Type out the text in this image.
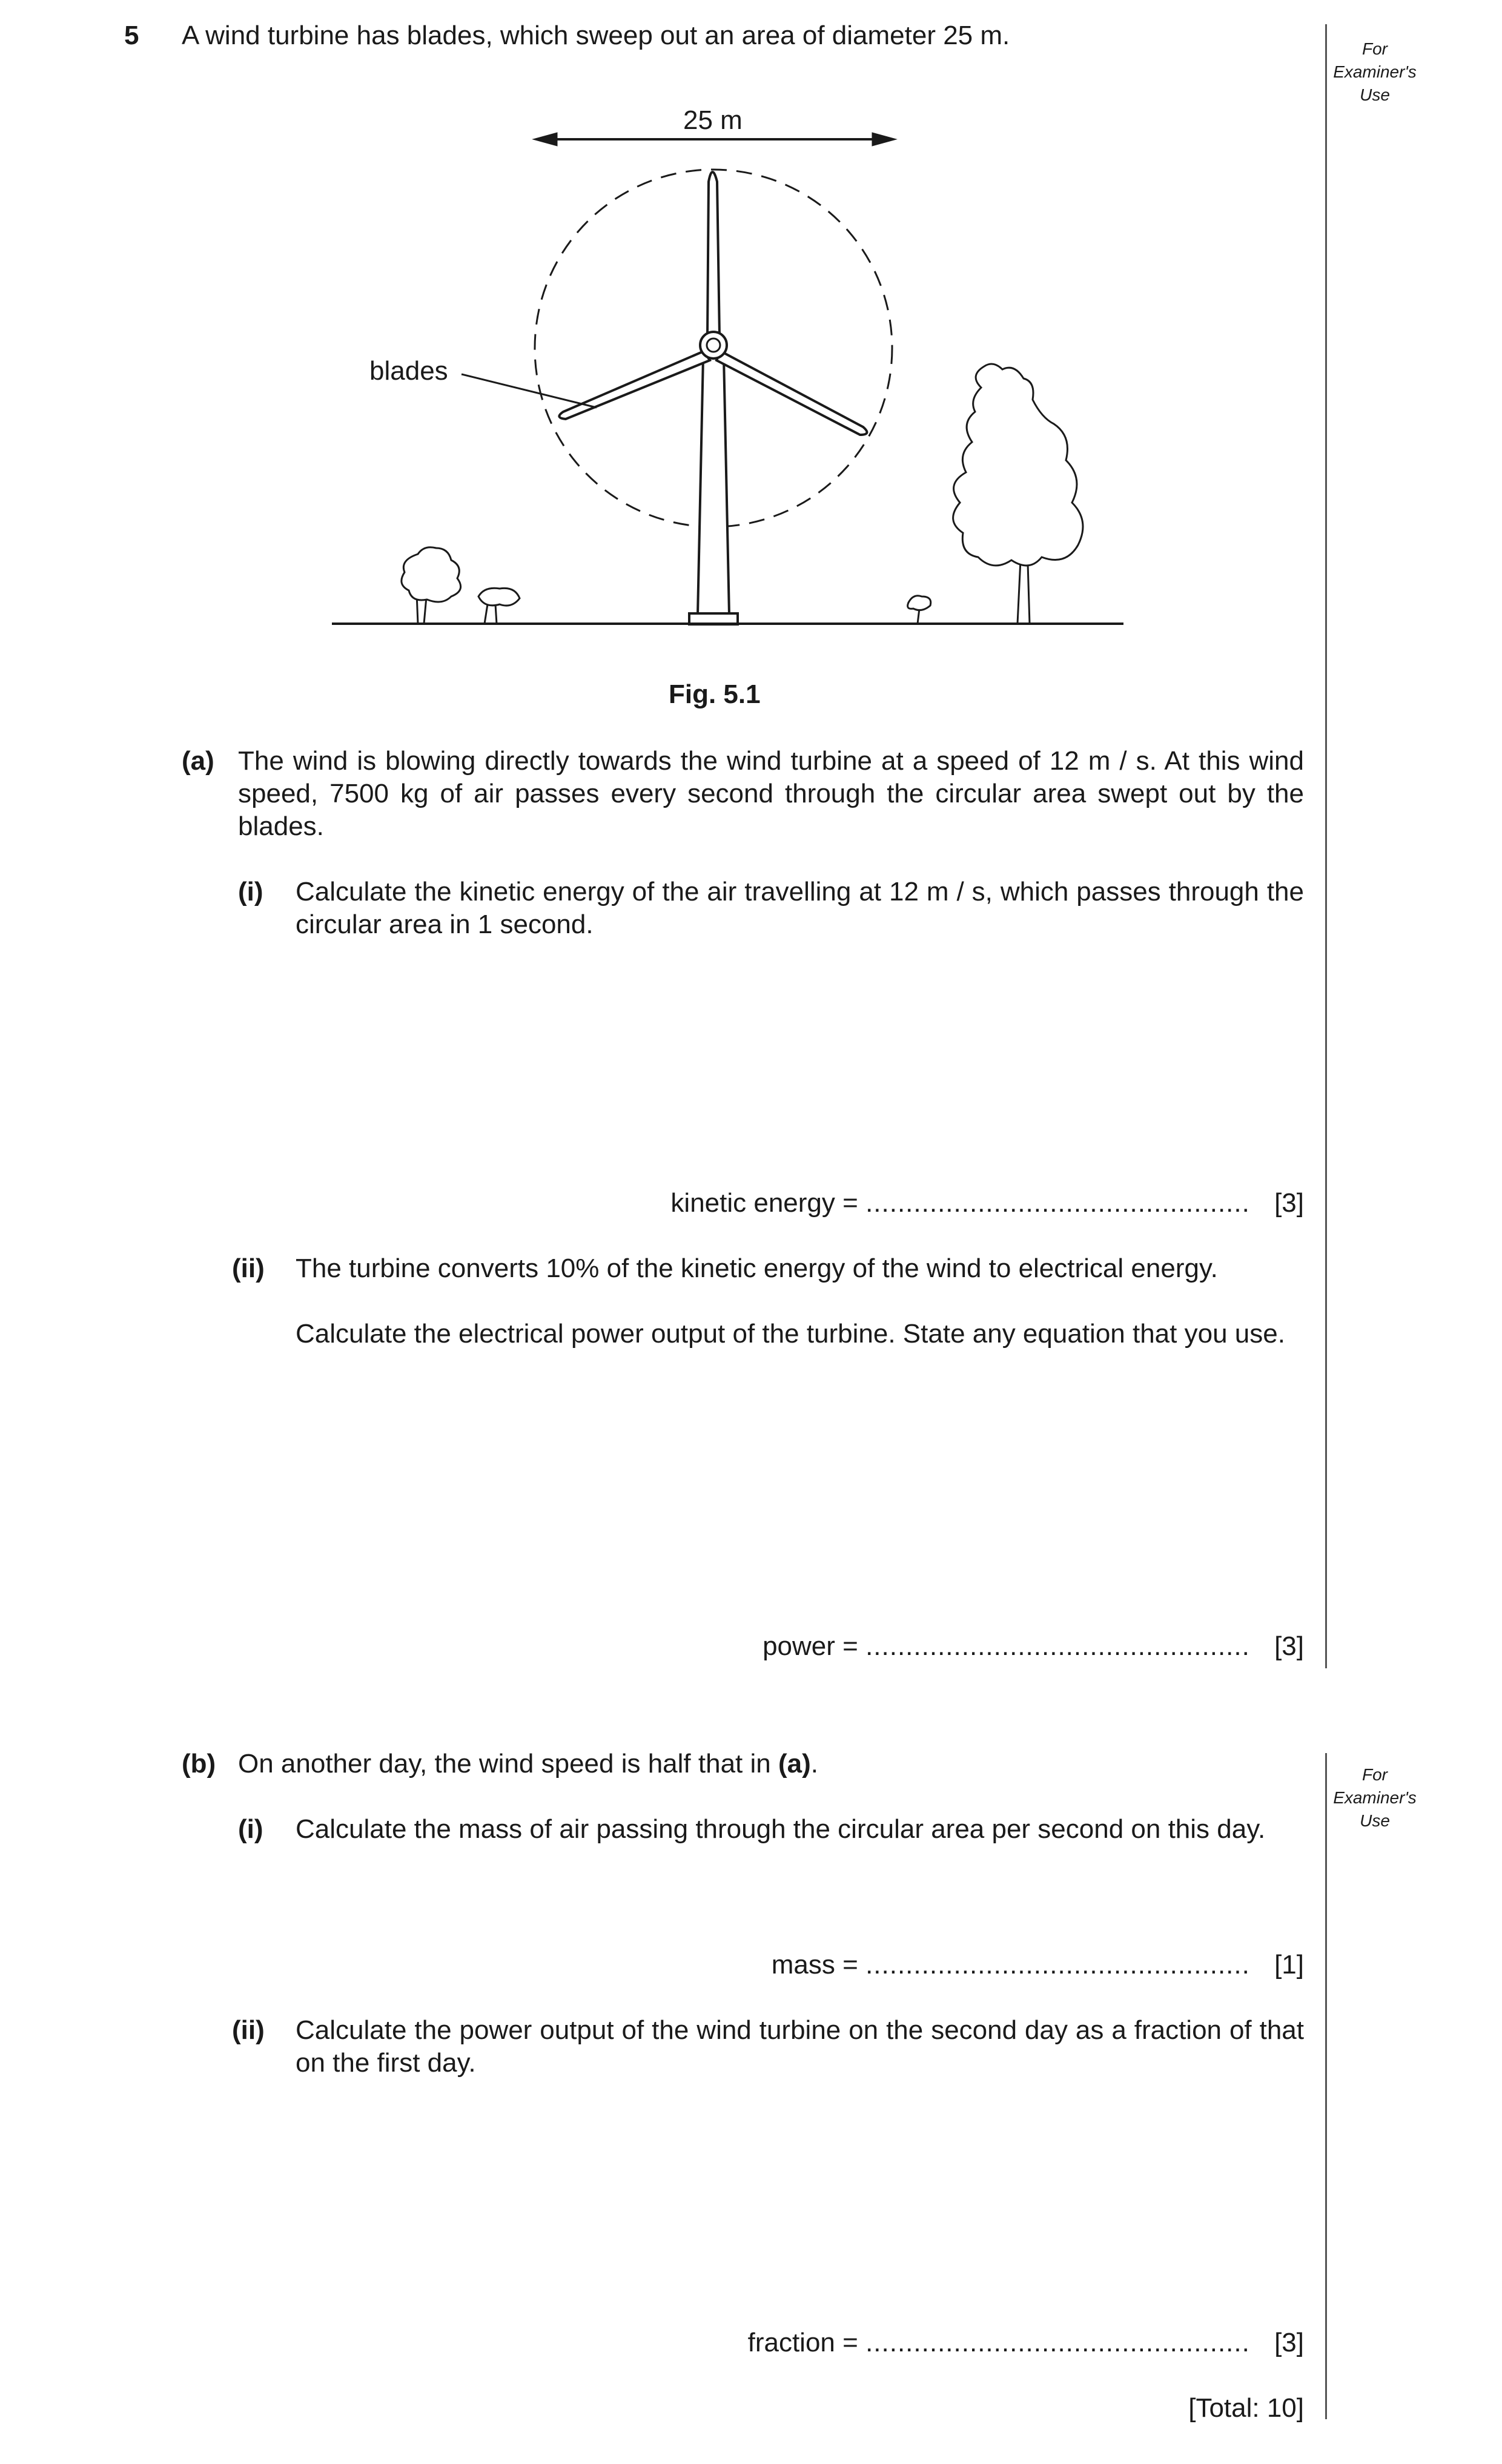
5 A wind turbine has blades, which sweep out an area of diameter 25 m.	For
Examiner's
Use
25 m
blades
Fig. 5.1
(a) The wind is blowing directly towards the wind turbine at a speed of 12 m / s. At this wind speed, 7500 kg of air passes every second through the circular area swept out by the blades.
(i) Calculate the kinetic energy of the air travelling at 12 m / s, which passes through the circular area in 1 second.
kinetic energy = ................................................ [3]
(ii) The turbine converts 10% of the kinetic energy of the wind to electrical energy.
Calculate the electrical power output of the turbine. State any equation that you use.
power = ................................................ [3]
For
Examiner's
Use
(b) On another day, the wind speed is half that in (a).
(i) Calculate the mass of air passing through the circular area per second on this day.
mass = ................................................ [1]
(ii) Calculate the power output of the wind turbine on the second day as a fraction of that on the first day.
fraction = ................................................ [3]
[Total: 10]
